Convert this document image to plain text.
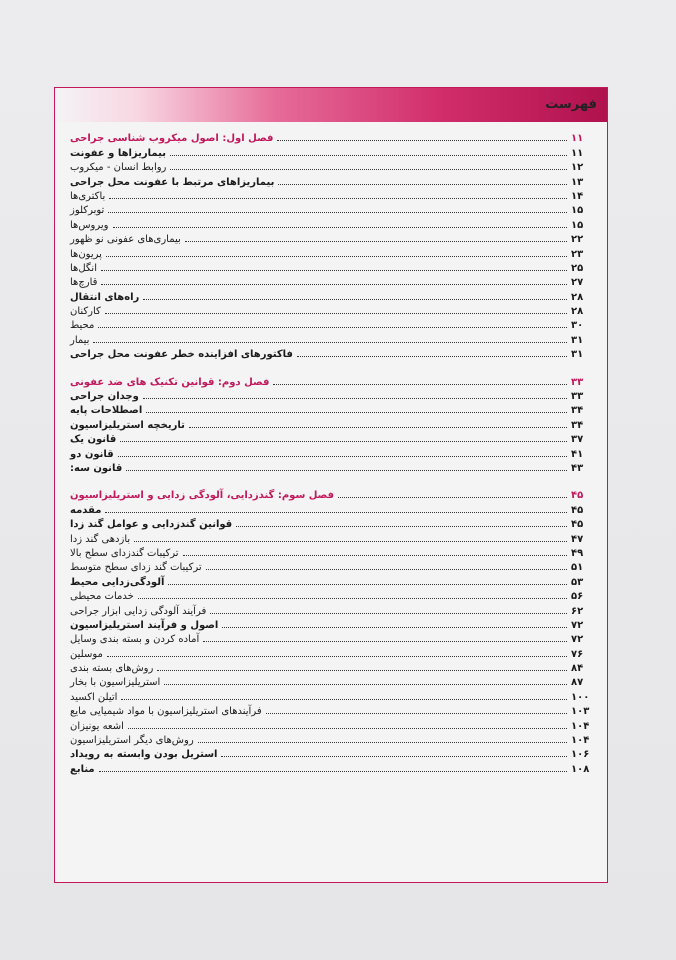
فهرست
فصل اول: اصول میکروب شناسی جراحی	۱۱
بیماریزاها و عفونت	۱۱
روابط انسان - میکروب	۱۲
بیماریزاهای مرتبط با عفونت محل جراحی	۱۳
باکتری‌ها	۱۴
توبرکلوز	۱۵
ویروس‌ها	۱۵
بیماری‌های عفونی نو ظهور	۲۲
پریون‌ها	۲۳
انگل‌ها	۲۵
قارچ‌ها	۲۷
راه‌های انتقال	۲۸
کارکنان	۲۸
محیط	۳۰
بیمار	۳۱
فاکتورهای افزاینده خطر عفونت محل جراحی	۳۱
فصل دوم: قوانین تکنیک های ضد عفونی	۳۳
وجدان جراحی	۳۳
اصطلاحات پایه	۳۴
تاریخچه استریلیزاسیون	۳۴
قانون یک	۳۷
قانون دو	۴۱
قانون سه:	۴۳
فصل سوم: گندزدایی، آلودگی زدایی و استریلیزاسیون	۴۵
مقدمه	۴۵
قوانین گندزدایی و عوامل گند زدا	۴۵
بازدهی گند زدا	۴۷
ترکیبات گندزدای سطح بالا	۴۹
ترکیبات گند زدای سطح متوسط	۵۱
آلودگی‌زدایی محیط	۵۳
خدمات محیطی	۵۶
فرآیند آلودگی زدایی ابزار جراحی	۶۲
اصول و فرآیند استریلیزاسیون	۷۲
آماده کردن و بسته بندی وسایل	۷۲
موسلین	۷۶
روش‌های بسته بندی	۸۴
استریلیزاسیون با بخار	۸۷
اتیلن اکسید	۱۰۰
فرآیندهای استریلیزاسیون با مواد شیمیایی مایع	۱۰۳
اشعه یونیزان	۱۰۴
روش‌های دیگر استریلیزاسیون	۱۰۴
استریل بودن وابسته به رویداد	۱۰۶
منابع	۱۰۸
